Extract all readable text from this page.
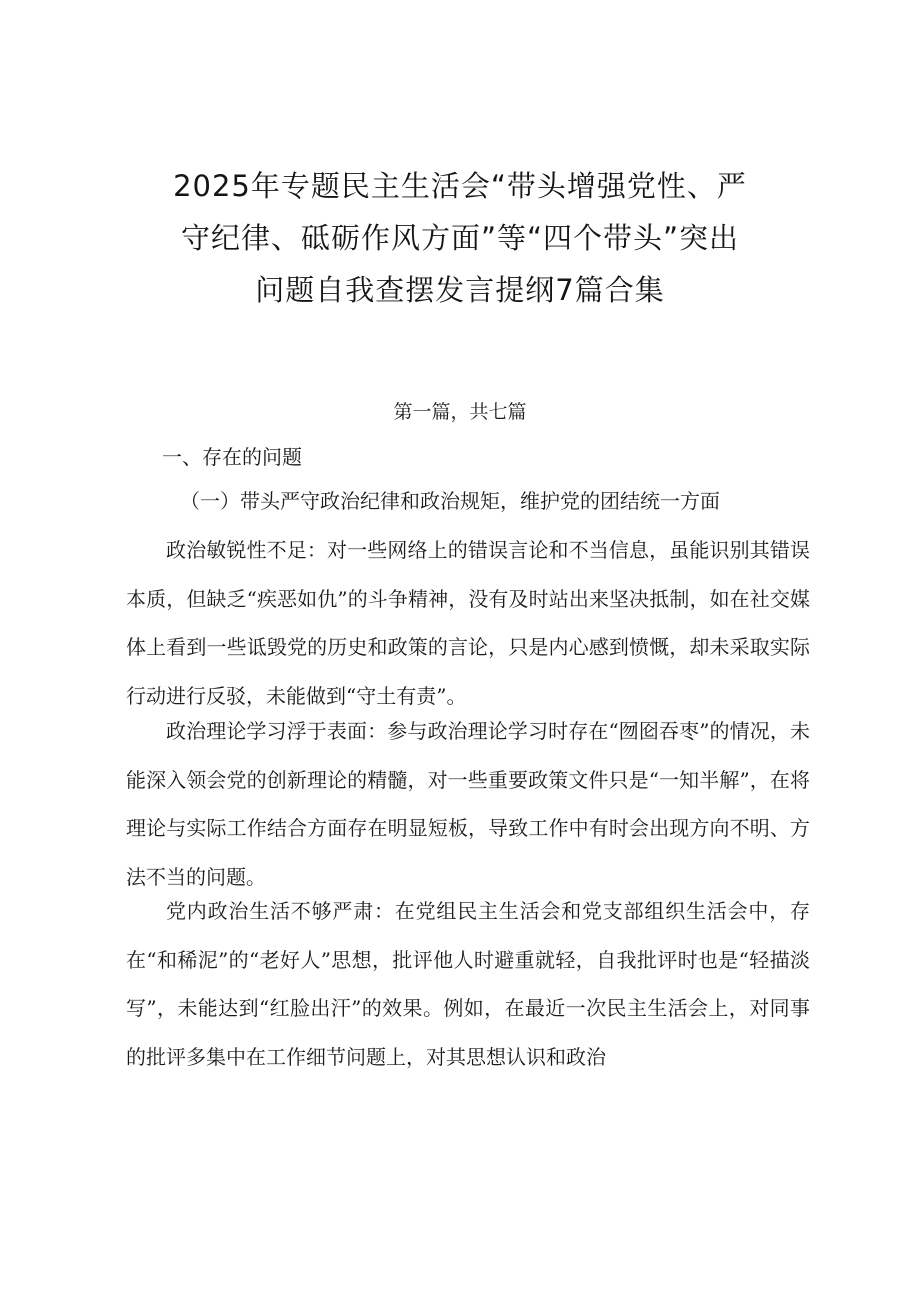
2025年专题民主生活会“带头增强党性、严
守纪律、砥砺作风方面”等“四个带头”突出
问题自我查摆发言提纲7篇合集
第一篇，共七篇
一、存在的问题
（一）带头严守政治纪律和政治规矩，维护党的团结统一方面

政治敏锐性不足：对一些网络上的错误言论和不当信息，虽能识别其错误本质，但缺乏“疾恶如仇”的斗争精神，没有及时站出来坚决抵制，如在社交媒体上看到一些诋毁党的历史和政策的言论，只是内心感到愤慨，却未采取实际行动进行反驳，未能做到“守土有责”。

政治理论学习浮于表面：参与政治理论学习时存在“囫囵吞枣”的情况，未能深入领会党的创新理论的精髓，对一些重要政策文件只是“一知半解”，在将理论与实际工作结合方面存在明显短板，导致工作中有时会出现方向不明、方法不当的问题。

党内政治生活不够严肃：在党组民主生活会和党支部组织生活会中，存在“和稀泥”的“老好人”思想，批评他人时避重就轻，自我批评时也是“轻描淡写”，未能达到“红脸出汗”的效果。例如，在最近一次民主生活会上，对同事的批评多集中在工作细节问题上，对其思想认识和政治
